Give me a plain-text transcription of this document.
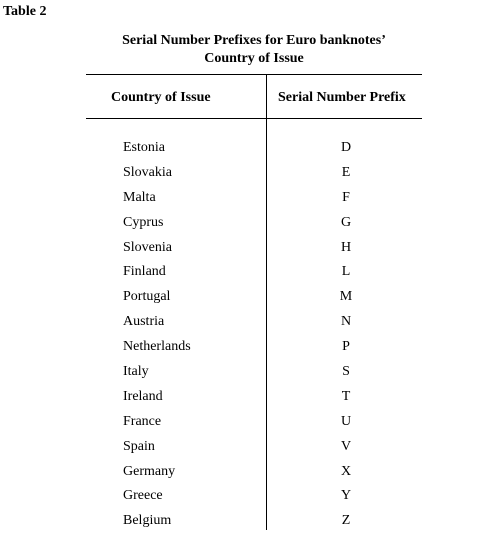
Table 2
Serial Number Prefixes for Euro banknotes’
Country of Issue
Country of Issue	Serial Number Prefix
Estonia	D
Slovakia	E
Malta	F
Cyprus	G
Slovenia	H
Finland	L
Portugal	M
Austria	N
Netherlands	P
Italy	S
Ireland	T
France	U
Spain	V
Germany	X
Greece	Y
Belgium	Z
